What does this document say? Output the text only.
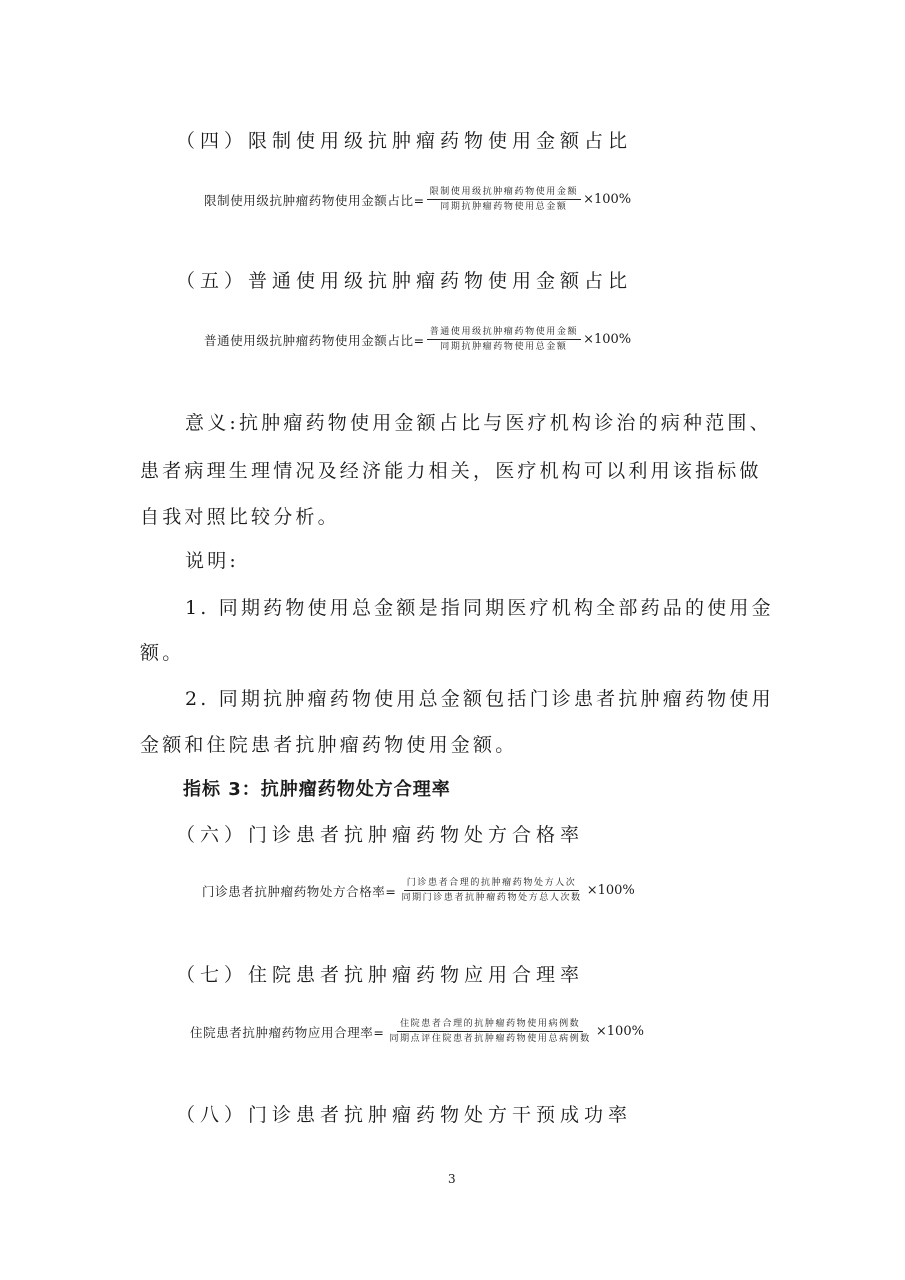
（四）限制使用级抗肿瘤药物使用金额占比
限制使用级抗肿瘤药物使用金额占比= $\frac{\text{限制使用级抗肿瘤药物使用金额}}{\text{同期抗肿瘤药物使用总金额}} \times 100\%$
（五）普通使用级抗肿瘤药物使用金额占比
普通使用级抗肿瘤药物使用金额占比= $\frac{\text{普通使用级抗肿瘤药物使用金额}}{\text{同期抗肿瘤药物使用总金额}} \times 100\%$
意义:抗肿瘤药物使用金额占比与医疗机构诊治的病种范围、
患者病理生理情况及经济能力相关，医疗机构可以利用该指标做
自我对照比较分析。
说明:
1. 同期药物使用总金额是指同期医疗机构全部药品的使用金
额。
2. 同期抗肿瘤药物使用总金额包括门诊患者抗肿瘤药物使用
金额和住院患者抗肿瘤药物使用金额。
指标 3：抗肿瘤药物处方合理率
（六）门诊患者抗肿瘤药物处方合格率
门诊患者抗肿瘤药物处方合格率= $\frac{\text{门诊患者合理的抗肿瘤药物处方人次}}{\text{同期门诊患者抗肿瘤药物处方总人次数}} \times 100\%$
（七）住院患者抗肿瘤药物应用合理率
住院患者抗肿瘤药物应用合理率= $\frac{\text{住院患者合理的抗肿瘤药物使用病例数}}{\text{同期点评住院患者抗肿瘤药物使用总病例数}} \times 100\%$
（八）门诊患者抗肿瘤药物处方干预成功率
3
